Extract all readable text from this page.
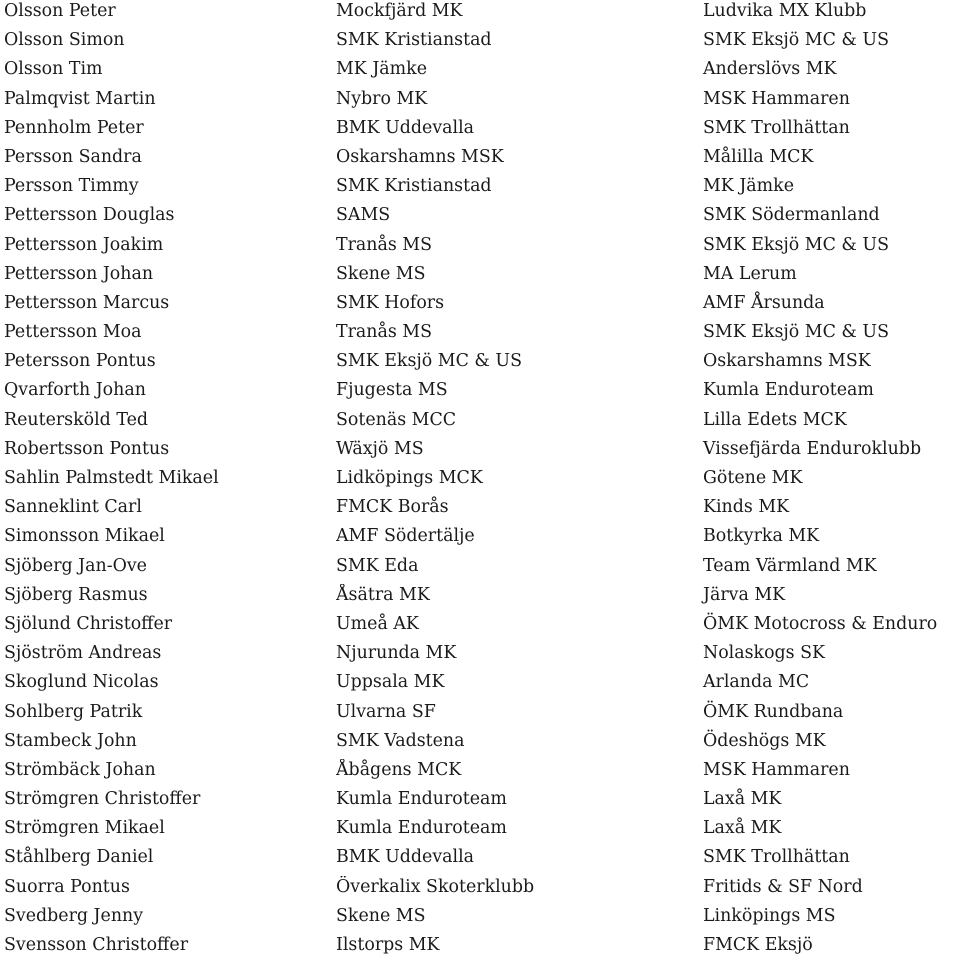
Olsson Peter	Mockfjärd MK	Ludvika MX Klubb
Olsson Simon	SMK Kristianstad	SMK Eksjö MC & US
Olsson Tim	MK Jämke	Anderslövs MK
Palmqvist Martin	Nybro MK	MSK Hammaren
Pennholm Peter	BMK Uddevalla	SMK Trollhättan
Persson Sandra	Oskarshamns MSK	Målilla MCK
Persson Timmy	SMK Kristianstad	MK Jämke
Pettersson Douglas	SAMS	SMK Södermanland
Pettersson Joakim	Tranås MS	SMK Eksjö MC & US
Pettersson Johan	Skene MS	MA Lerum
Pettersson Marcus	SMK Hofors	AMF Årsunda
Pettersson Moa	Tranås MS	SMK Eksjö MC & US
Petersson Pontus	SMK Eksjö MC & US	Oskarshamns MSK
Qvarforth Johan	Fjugesta MS	Kumla Enduroteam
Reutersköld Ted	Sotenäs MCC	Lilla Edets MCK
Robertsson Pontus	Wäxjö MS	Vissefjärda Enduroklubb
Sahlin Palmstedt Mikael	Lidköpings MCK	Götene MK
Sanneklint Carl	FMCK Borås	Kinds MK
Simonsson Mikael	AMF Södertälje	Botkyrka MK
Sjöberg Jan-Ove	SMK Eda	Team Värmland MK
Sjöberg Rasmus	Åsätra MK	Järva MK
Sjölund Christoffer	Umeå AK	ÖMK Motocross & Enduro
Sjöström Andreas	Njurunda MK	Nolaskogs SK
Skoglund Nicolas	Uppsala MK	Arlanda MC
Sohlberg Patrik	Ulvarna SF	ÖMK Rundbana
Stambeck John	SMK Vadstena	Ödeshögs MK
Strömbäck Johan	Åbågens MCK	MSK Hammaren
Strömgren Christoffer	Kumla Enduroteam	Laxå MK
Strömgren Mikael	Kumla Enduroteam	Laxå MK
Ståhlberg Daniel	BMK Uddevalla	SMK Trollhättan
Suorra Pontus	Överkalix Skoterklubb	Fritids & SF Nord
Svedberg Jenny	Skene MS	Linköpings MS
Svensson Christoffer	Ilstorps MK	FMCK Eksjö
